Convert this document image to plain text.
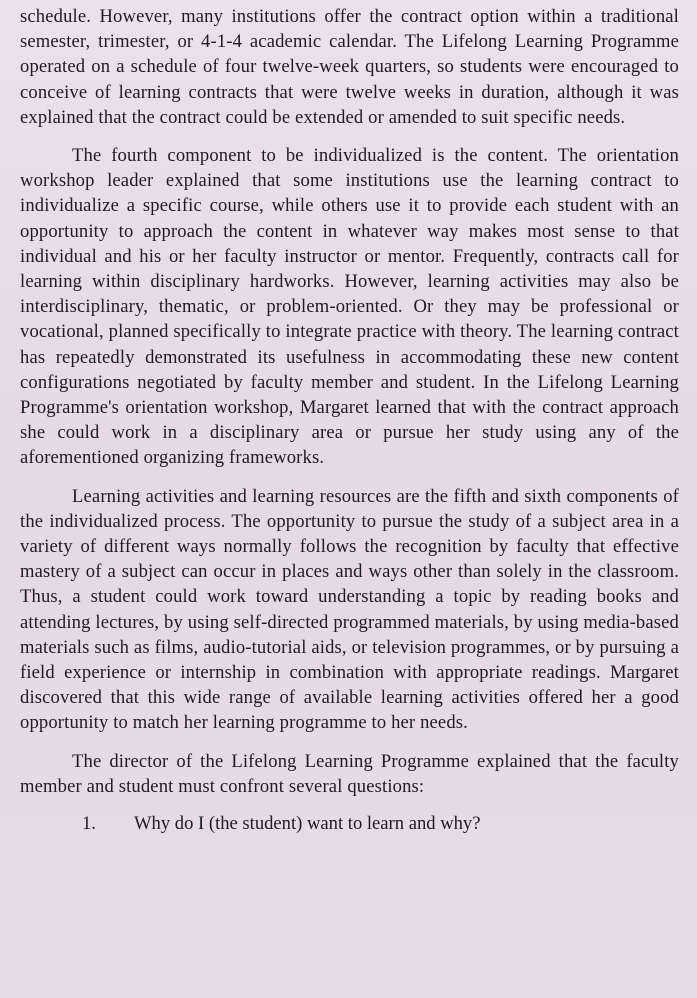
schedule. However, many institutions offer the contract option within a traditional semester, trimester, or 4-1-4 academic calendar. The Lifelong Learning Programme operated on a schedule of four twelve-week quarters, so students were encouraged to conceive of learning contracts that were twelve weeks in duration, although it was explained that the contract could be extended or amended to suit specific needs.

The fourth component to be individualized is the content. The orientation workshop leader explained that some institutions use the learning contract to individualize a specific course, while others use it to provide each student with an opportunity to approach the content in whatever way makes most sense to that individual and his or her faculty instructor or mentor. Frequently, contracts call for learning within disciplinary hardworks. However, learning activities may also be interdisciplinary, thematic, or problem-oriented. Or they may be professional or vocational, planned specifically to integrate practice with theory. The learning contract has repeatedly demonstrated its usefulness in accommodating these new content configurations negotiated by faculty member and student. In the Lifelong Learning Programme's orientation workshop, Margaret learned that with the contract approach she could work in a disciplinary area or pursue her study using any of the aforementioned organizing frameworks.

Learning activities and learning resources are the fifth and sixth components of the individualized process. The opportunity to pursue the study of a subject area in a variety of different ways normally follows the recognition by faculty that effective mastery of a subject can occur in places and ways other than solely in the classroom. Thus, a student could work toward understanding a topic by reading books and attending lectures, by using self-directed programmed materials, by using media-based materials such as films, audio-tutorial aids, or television programmes, or by pursuing a field experience or internship in combination with appropriate readings. Margaret discovered that this wide range of available learning activities offered her a good opportunity to match her learning programme to her needs.

The director of the Lifelong Learning Programme explained that the faculty member and student must confront several questions:

1.	Why do I (the student) want to learn and why?
